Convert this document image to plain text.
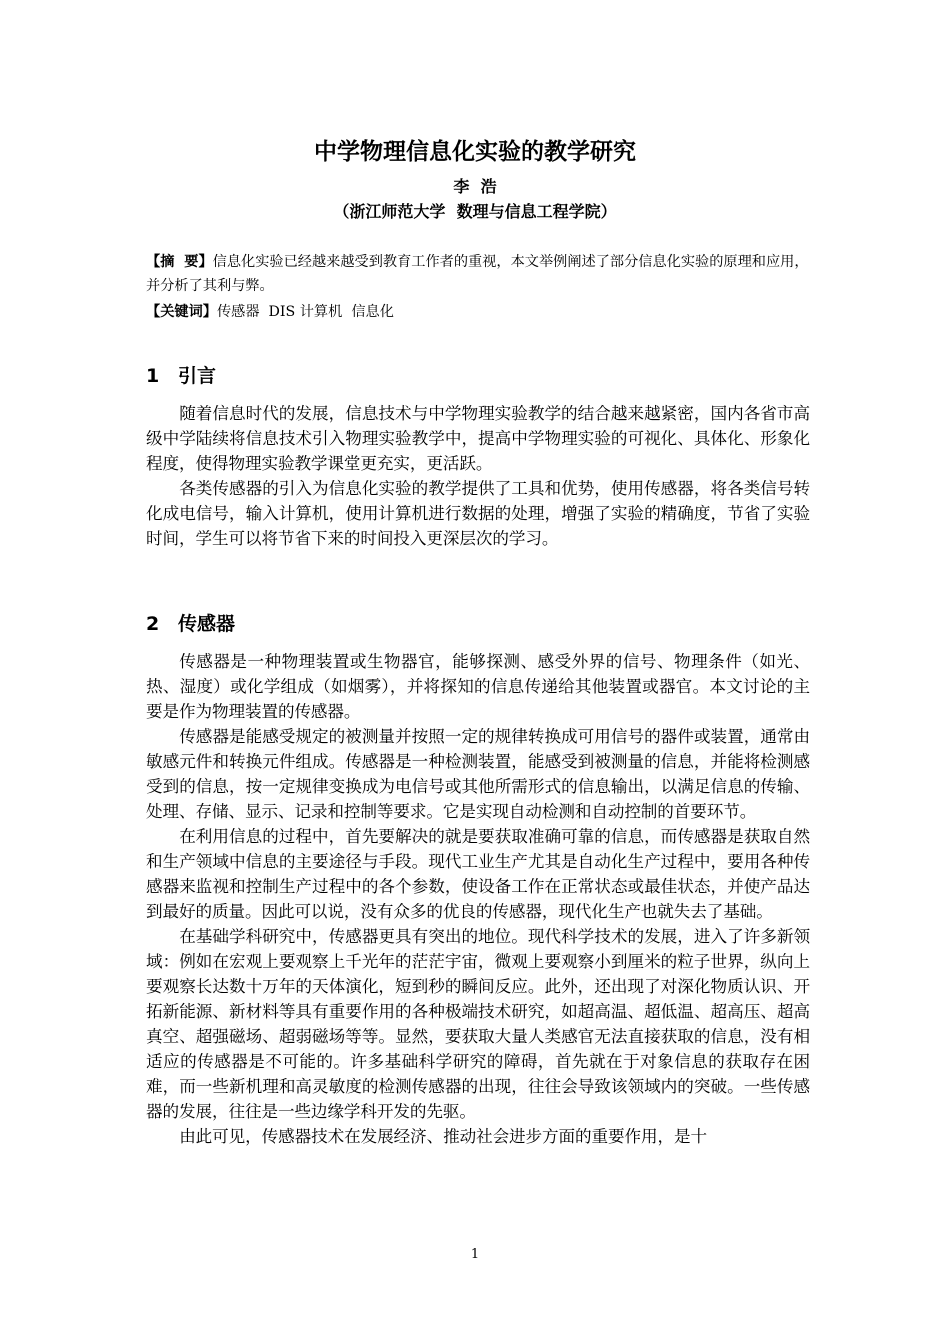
中学物理信息化实验的教学研究
李  浩
（浙江师范大学  数理与信息工程学院）

【摘  要】信息化实验已经越来越受到教育工作者的重视，本文举例阐述了部分信息化实验的原理和应用，并分析了其利与弊。

【关键词】传感器  DIS 计算机  信息化

1 引言

随着信息时代的发展，信息技术与中学物理实验教学的结合越来越紧密，国内各省市高级中学陆续将信息技术引入物理实验教学中，提高中学物理实验的可视化、具体化、形象化程度，使得物理实验教学课堂更充实，更活跃。

各类传感器的引入为信息化实验的教学提供了工具和优势，使用传感器，将各类信号转化成电信号，输入计算机，使用计算机进行数据的处理，增强了实验的精确度，节省了实验时间，学生可以将节省下来的时间投入更深层次的学习。

2 传感器

传感器是一种物理装置或生物器官，能够探测、感受外界的信号、物理条件（如光、热、湿度）或化学组成（如烟雾），并将探知的信息传递给其他装置或器官。本文讨论的主要是作为物理装置的传感器。

传感器是能感受规定的被测量并按照一定的规律转换成可用信号的器件或装置，通常由敏感元件和转换元件组成。传感器是一种检测装置，能感受到被测量的信息，并能将检测感受到的信息，按一定规律变换成为电信号或其他所需形式的信息输出，以满足信息的传输、处理、存储、显示、记录和控制等要求。它是实现自动检测和自动控制的首要环节。

在利用信息的过程中，首先要解决的就是要获取准确可靠的信息，而传感器是获取自然和生产领域中信息的主要途径与手段。现代工业生产尤其是自动化生产过程中，要用各种传感器来监视和控制生产过程中的各个参数，使设备工作在正常状态或最佳状态，并使产品达到最好的质量。因此可以说，没有众多的优良的传感器，现代化生产也就失去了基础。

在基础学科研究中，传感器更具有突出的地位。现代科学技术的发展，进入了许多新领域：例如在宏观上要观察上千光年的茫茫宇宙，微观上要观察小到厘米的粒子世界，纵向上要观察长达数十万年的天体演化，短到秒的瞬间反应。此外，还出现了对深化物质认识、开拓新能源、新材料等具有重要作用的各种极端技术研究，如超高温、超低温、超高压、超高真空、超强磁场、超弱磁场等等。显然，要获取大量人类感官无法直接获取的信息，没有相适应的传感器是不可能的。许多基础科学研究的障碍，首先就在于对象信息的获取存在困难，而一些新机理和高灵敏度的检测传感器的出现，往往会导致该领域内的突破。一些传感器的发展，往往是一些边缘学科开发的先驱。

由此可见，传感器技术在发展经济、推动社会进步方面的重要作用，是十

1
